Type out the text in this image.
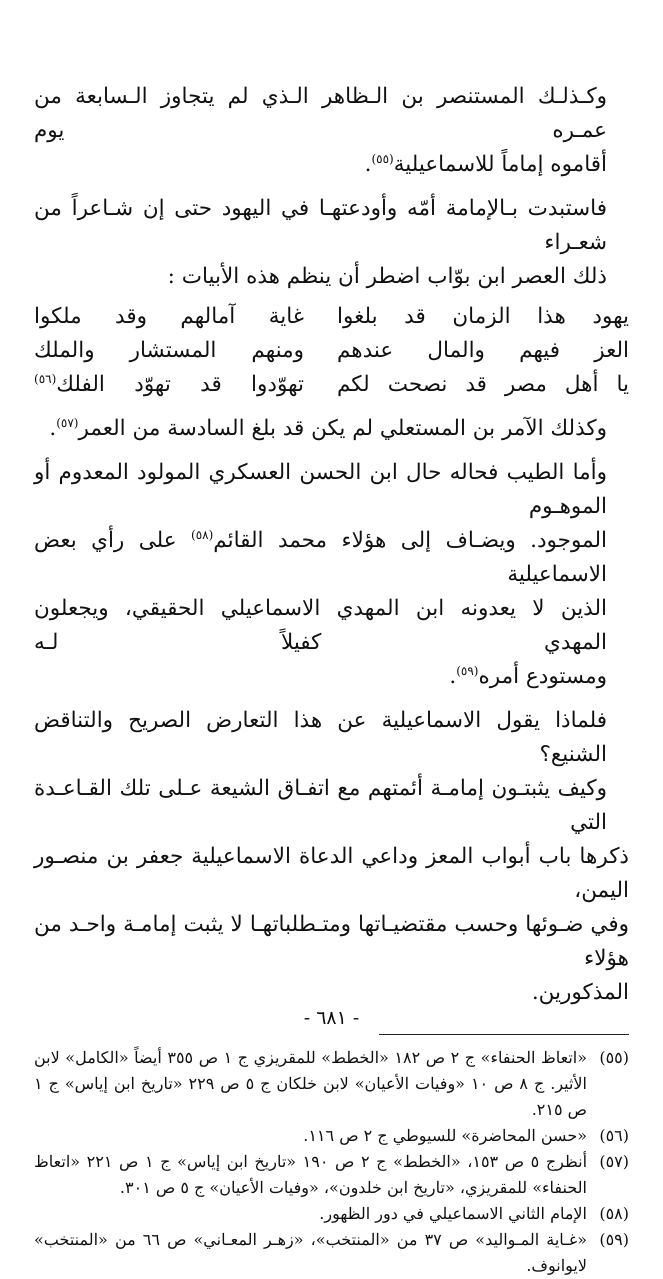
وكـذلـك المستنصر بن الـظاهر الـذي لم يتجاوز الـسابعة من عمـره يوم
أقاموه إماماً للاسماعيلية$^{(٥٥)}$.

فاستبدت بـالإمامة أمّه وأودعتهـا في اليهود حتى إن شـاعراً من شعـراء
ذلك العصر ابن بوّاب اضطر أن ينظم هذه الأبيات :

يهود هذا الزمان قد بلغوا
غاية آمالهم وقد ملكوا
العز فيهم والمال عندهم
ومنهم المستشار والملك
يا أهل مصر قد نصحت لكم
تهوّدوا قد تهوّد الفلك$^{(٥٦)}$

وكذلك الآمر بن المستعلي لم يكن قد بلغ السادسة من العمر$^{(٥٧)}$.

وأما الطيب فحاله حال ابن الحسن العسكري المولود المعدوم أو الموهـوم
الموجود. ويضـاف إلى هؤلاء محمد القائم$^{(٥٨)}$ على رأي بعض الاسماعيلية
الذين لا يعدونه ابن المهدي الاسماعيلي الحقيقي، ويجعلون المهدي كفيلاً لـه
ومستودع أمره$^{(٥٩)}$.

فلماذا يقول الاسماعيلية عن هذا التعارض الصريح والتناقض الشنيع؟

وكيف يثبتـون إمامـة أئمتهم مع اتفـاق الشيعة عـلى تلك القـاعـدة التي

ذكرها باب أبواب المعز وداعي الدعاة الاسماعيلية جعفر بن منصـور اليمن،
وفي ضـوئها وحسب مقتضيـاتها ومتـطلباتهـا لا يثبت إمامـة واحـد من هؤلاء
المذكورين.

(٥٥)
«اتعاظ الحنفاء» ج ٢ ص ١٨٢ «الخطط» للمقريزي ج ١ ص ٣٥٥ أيضاً «الكامل» لابن الأثير. ج ٨ ص ١٠ «وفيات الأعيان» لابن خلكان ج ٥ ص ٢٢٩ «تاريخ ابن إياس» ج ١ ص ٢١٥.
(٥٦)
«حسن المحاضرة» للسيوطي ج ٢ ص ١١٦.
(٥٧)
أنظرج ٥ ص ١٥٣، «الخطط» ج ٢ ص ١٩٠ «تاريخ ابن إياس» ج ١ ص ٢٢١ «اتعاظ الحنفاء» للمقريزي، «تاريخ ابن خلدون»، «وفيات الأعيان» ج ٥ ص ٣٠١.
(٥٨)
الإمام الثاني الاسماعيلي في دور الظهور.
(٥٩)
«غـاية المـواليد» ص ٣٧ من «المنتخب»، «زهـر المعـاني» ص ٦٦ من «المنتخب» لايوانوف.
- ٦٨١ -
